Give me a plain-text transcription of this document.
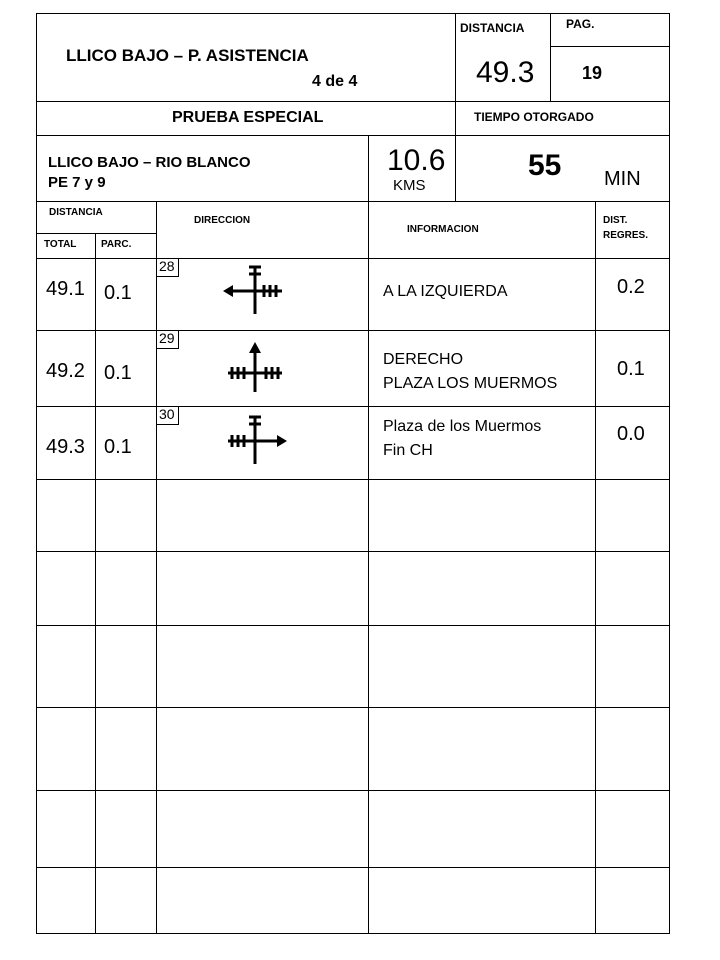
LLICO BAJO – P. ASISTENCIA
4 de 4
DISTANCIA
49.3
PAG.
19
PRUEBA ESPECIAL	TIEMPO OTORGADO
LLICO BAJO – RIO BLANCO
PE 7 y 9
10.6
KMS
55 MIN
DISTANCIA
TOTAL PARC.
DIRECCION
INFORMACION
DIST.
REGRES.
49.1 0.1
28
A LA IZQUIERDA	0.2
49.2 0.1
29
DERECHO
PLAZA LOS MUERMOS
0.1
49.3 0.1
30
Plaza de los Muermos
Fin CH
0.0
